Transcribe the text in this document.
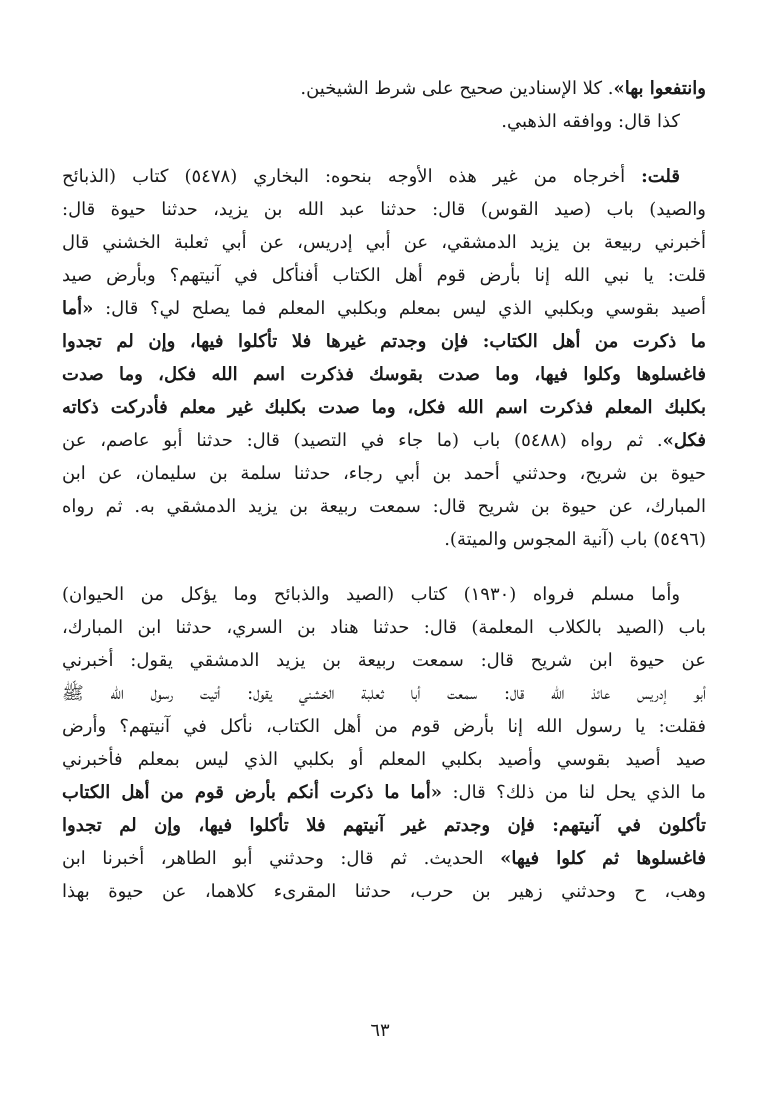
وانتفعوا بها». كلا الإسنادين صحيح على شرط الشيخين.
كذا قال: ووافقه الذهبي.
قلت: أخرجاه من غير هذه الأوجه بنحوه: البخاري (٥٤٧٨) كتاب (الذبائح
والصيد) باب (صيد القوس) قال: حدثنا عبد الله بن يزيد، حدثنا حيوة قال:
أخبرني ربيعة بن يزيد الدمشقي، عن أبي إدريس، عن أبي ثعلبة الخشني قال
قلت: يا نبي الله إنا بأرض قوم أهل الكتاب أفنأكل في آنيتهم؟ وبأرض صيد
أصيد بقوسي وبكلبي الذي ليس بمعلم وبكلبي المعلم فما يصلح لي؟ قال: «أما
ما ذكرت من أهل الكتاب: فإن وجدتم غيرها فلا تأكلوا فيها، وإن لم تجدوا
فاغسلوها وكلوا فيها، وما صدت بقوسك فذكرت اسم الله فكل، وما صدت
بكلبك المعلم فذكرت اسم الله فكل، وما صدت بكلبك غير معلم فأدركت ذكاته
فكل». ثم رواه (٥٤٨٨) باب (ما جاء في التصيد) قال: حدثنا أبو عاصم، عن
حيوة بن شريح، وحدثني أحمد بن أبي رجاء، حدثنا سلمة بن سليمان، عن ابن
المبارك، عن حيوة بن شريح قال: سمعت ربيعة بن يزيد الدمشقي به. ثم رواه
(٥٤٩٦) باب (آنية المجوس والميتة).
وأما مسلم فرواه (١٩٣٠) كتاب (الصيد والذبائح وما يؤكل من الحيوان)
باب (الصيد بالكلاب المعلمة) قال: حدثنا هناد بن السري، حدثنا ابن المبارك،
عن حيوة ابن شريح قال: سمعت ربيعة بن يزيد الدمشقي يقول: أخبرني
أبو إدريس عائذ الله قال: سمعت أبا ثعلبة الخشني يقول: أتيت رسول الله ﷺ
فقلت: يا رسول الله إنا بأرض قوم من أهل الكتاب، نأكل في آنيتهم؟ وأرض
صيد أصيد بقوسي وأصيد بكلبي المعلم أو بكلبي الذي ليس بمعلم فأخبرني
ما الذي يحل لنا من ذلك؟ قال: «أما ما ذكرت أنكم بأرض قوم من أهل الكتاب
تأكلون في آنيتهم: فإن وجدتم غير آنيتهم فلا تأكلوا فيها، وإن لم تجدوا
فاغسلوها ثم كلوا فيها» الحديث. ثم قال: وحدثني أبو الطاهر، أخبرنا ابن
وهب، ح وحدثني زهير بن حرب، حدثنا المقرىء كلاهما، عن حيوة بهذا
٦٣
